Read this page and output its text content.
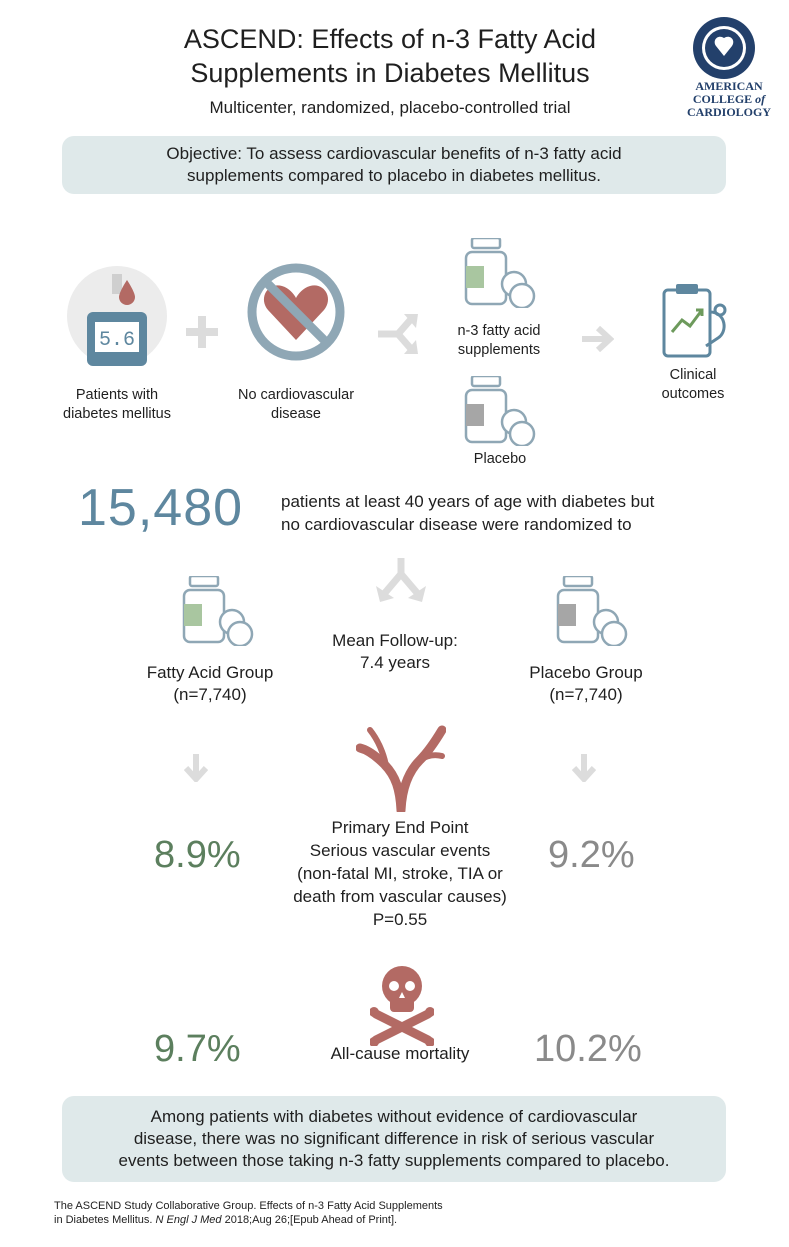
ASCEND: Effects of n-3 Fatty Acid
Supplements in Diabetes Mellitus
Multicenter, randomized, placebo-controlled trial
AMERICAN
COLLEGE of
CARDIOLOGY
Objective: To assess cardiovascular benefits of n-3 fatty acid
supplements compared to placebo in diabetes mellitus.
5.6
Patients with
diabetes mellitus
No cardiovascular
disease
n-3 fatty acid
supplements
Placebo
Clinical
outcomes
15,480 patients at least 40 years of age with diabetes but
no cardiovascular disease were randomized to
Fatty Acid Group
(n=7,740)
Mean Follow-up:
7.4 years
Placebo Group
(n=7,740)
8.9%
Primary End Point
Serious vascular events
(non-fatal MI, stroke, TIA or
death from vascular causes)
P=0.55
9.2%
9.7%	All-cause mortality	10.2%
Among patients with diabetes without evidence of cardiovascular
disease, there was no significant difference in risk of serious vascular
events between those taking n-3 fatty supplements compared to placebo.
The ASCEND Study Collaborative Group. Effects of n-3 Fatty Acid Supplements
in Diabetes Mellitus. N Engl J Med 2018;Aug 26;[Epub Ahead of Print].
